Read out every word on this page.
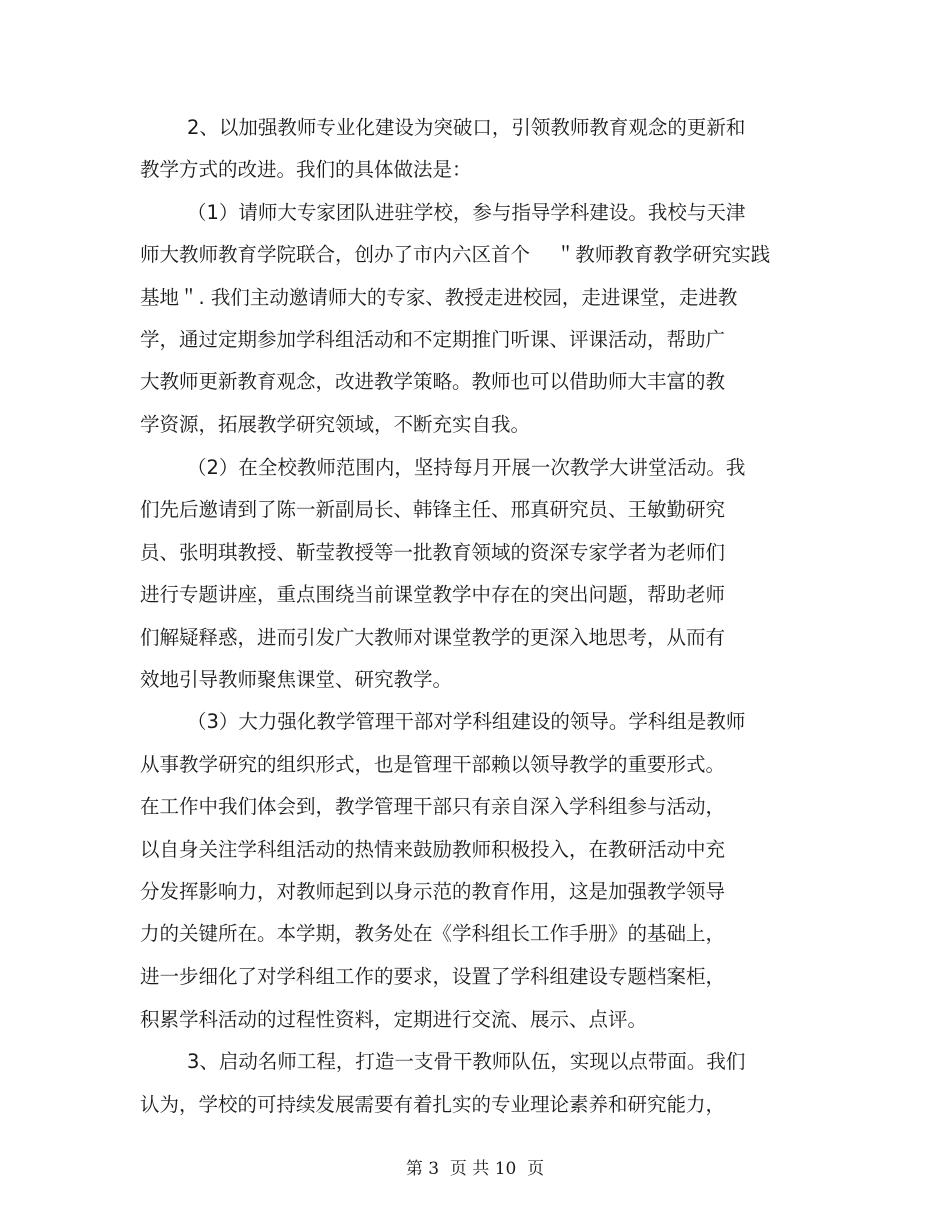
2、以加强教师专业化建设为突破口，引领教师教育观念的更新和
教学方式的改进。我们的具体做法是：
（1）请师大专家团队进驻学校，参与指导学科建设。我校与天津
师大教师教育学院联合，创办了市内六区首个　 ＂教师教育教学研究实践
基地＂. 我们主动邀请师大的专家、教授走进校园，走进课堂，走进教
学，通过定期参加学科组活动和不定期推门听课、评课活动，帮助广
大教师更新教育观念，改进教学策略。教师也可以借助师大丰富的教
学资源，拓展教学研究领域，不断充实自我。
（2）在全校教师范围内，坚持每月开展一次教学大讲堂活动。我
们先后邀请到了陈一新副局长、韩锋主任、邢真研究员、王敏勤研究
员、张明琪教授、靳莹教授等一批教育领域的资深专家学者为老师们
进行专题讲座，重点围绕当前课堂教学中存在的突出问题，帮助老师
们解疑释惑，进而引发广大教师对课堂教学的更深入地思考，从而有
效地引导教师聚焦课堂、研究教学。
（3）大力强化教学管理干部对学科组建设的领导。学科组是教师
从事教学研究的组织形式，也是管理干部赖以领导教学的重要形式。
在工作中我们体会到，教学管理干部只有亲自深入学科组参与活动，
以自身关注学科组活动的热情来鼓励教师积极投入，在教研活动中充
分发挥影响力，对教师起到以身示范的教育作用，这是加强教学领导
力的关键所在。本学期，教务处在《学科组长工作手册》的基础上，
进一步细化了对学科组工作的要求，设置了学科组建设专题档案柜，
积累学科活动的过程性资料，定期进行交流、展示、点评。
3、启动名师工程，打造一支骨干教师队伍，实现以点带面。我们
认为，学校的可持续发展需要有着扎实的专业理论素养和研究能力，
第 3  页 共 10  页
